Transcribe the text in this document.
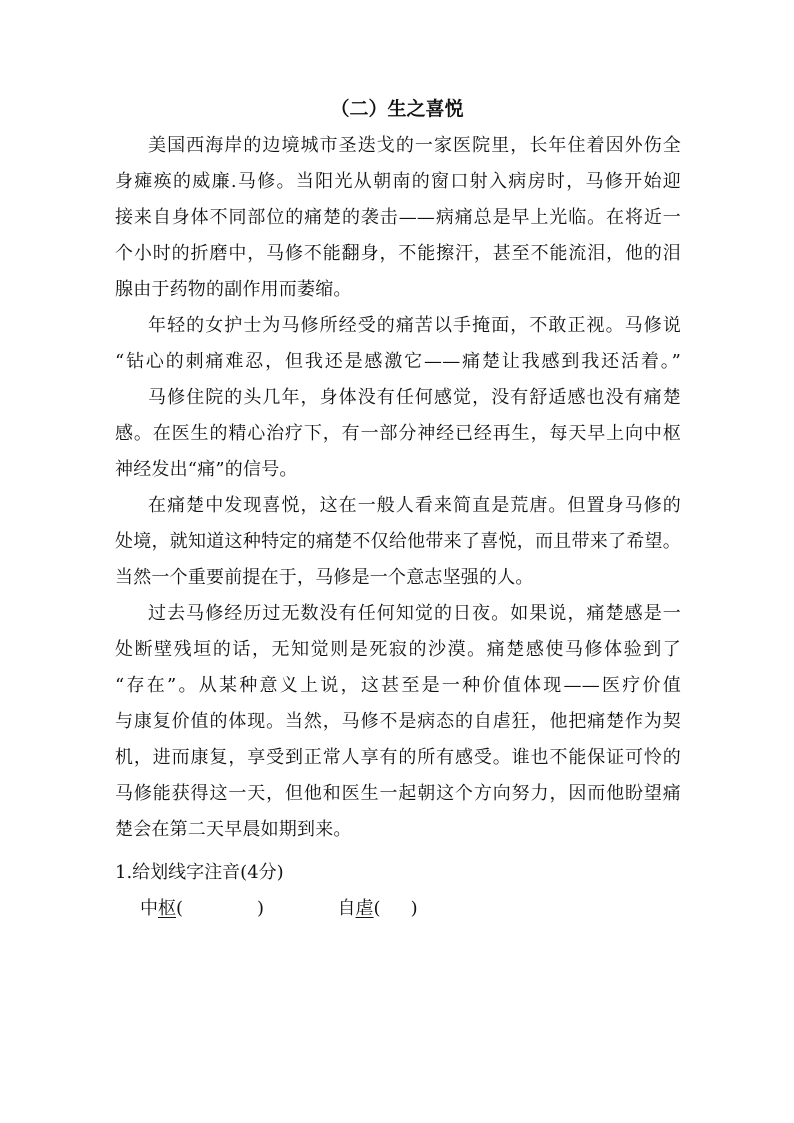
（二）生之喜悦
美国西海岸的边境城市圣迭戈的一家医院里，长年住着因外伤全
身瘫痪的威廉.马修。当阳光从朝南的窗口射入病房时，马修开始迎
接来自身体不同部位的痛楚的袭击——病痛总是早上光临。在将近一
个小时的折磨中，马修不能翻身，不能擦汗，甚至不能流泪，他的泪
腺由于药物的副作用而萎缩。
年轻的女护士为马修所经受的痛苦以手掩面，不敢正视。马修说
“钻心的刺痛难忍，但我还是感激它——痛楚让我感到我还活着。”
马修住院的头几年，身体没有任何感觉，没有舒适感也没有痛楚
感。在医生的精心治疗下，有一部分神经已经再生，每天早上向中枢
神经发出“痛”的信号。
在痛楚中发现喜悦，这在一般人看来简直是荒唐。但置身马修的
处境，就知道这种特定的痛楚不仅给他带来了喜悦，而且带来了希望。
当然一个重要前提在于，马修是一个意志坚强的人。
过去马修经历过无数没有任何知觉的日夜。如果说，痛楚感是一
处断壁残垣的话，无知觉则是死寂的沙漠。痛楚感使马修体验到了
“存在”。从某种意义上说，这甚至是一种价值体现——医疗价值
与康复价值的体现。当然，马修不是病态的自虐狂，他把痛楚作为契
机，进而康复，享受到正常人享有的所有感受。谁也不能保证可怜的
马修能获得这一天，但他和医生一起朝这个方向努力，因而他盼望痛
楚会在第二天早晨如期到来。
1.给划线字注音(4分)
中枢(	)	自虐( )
